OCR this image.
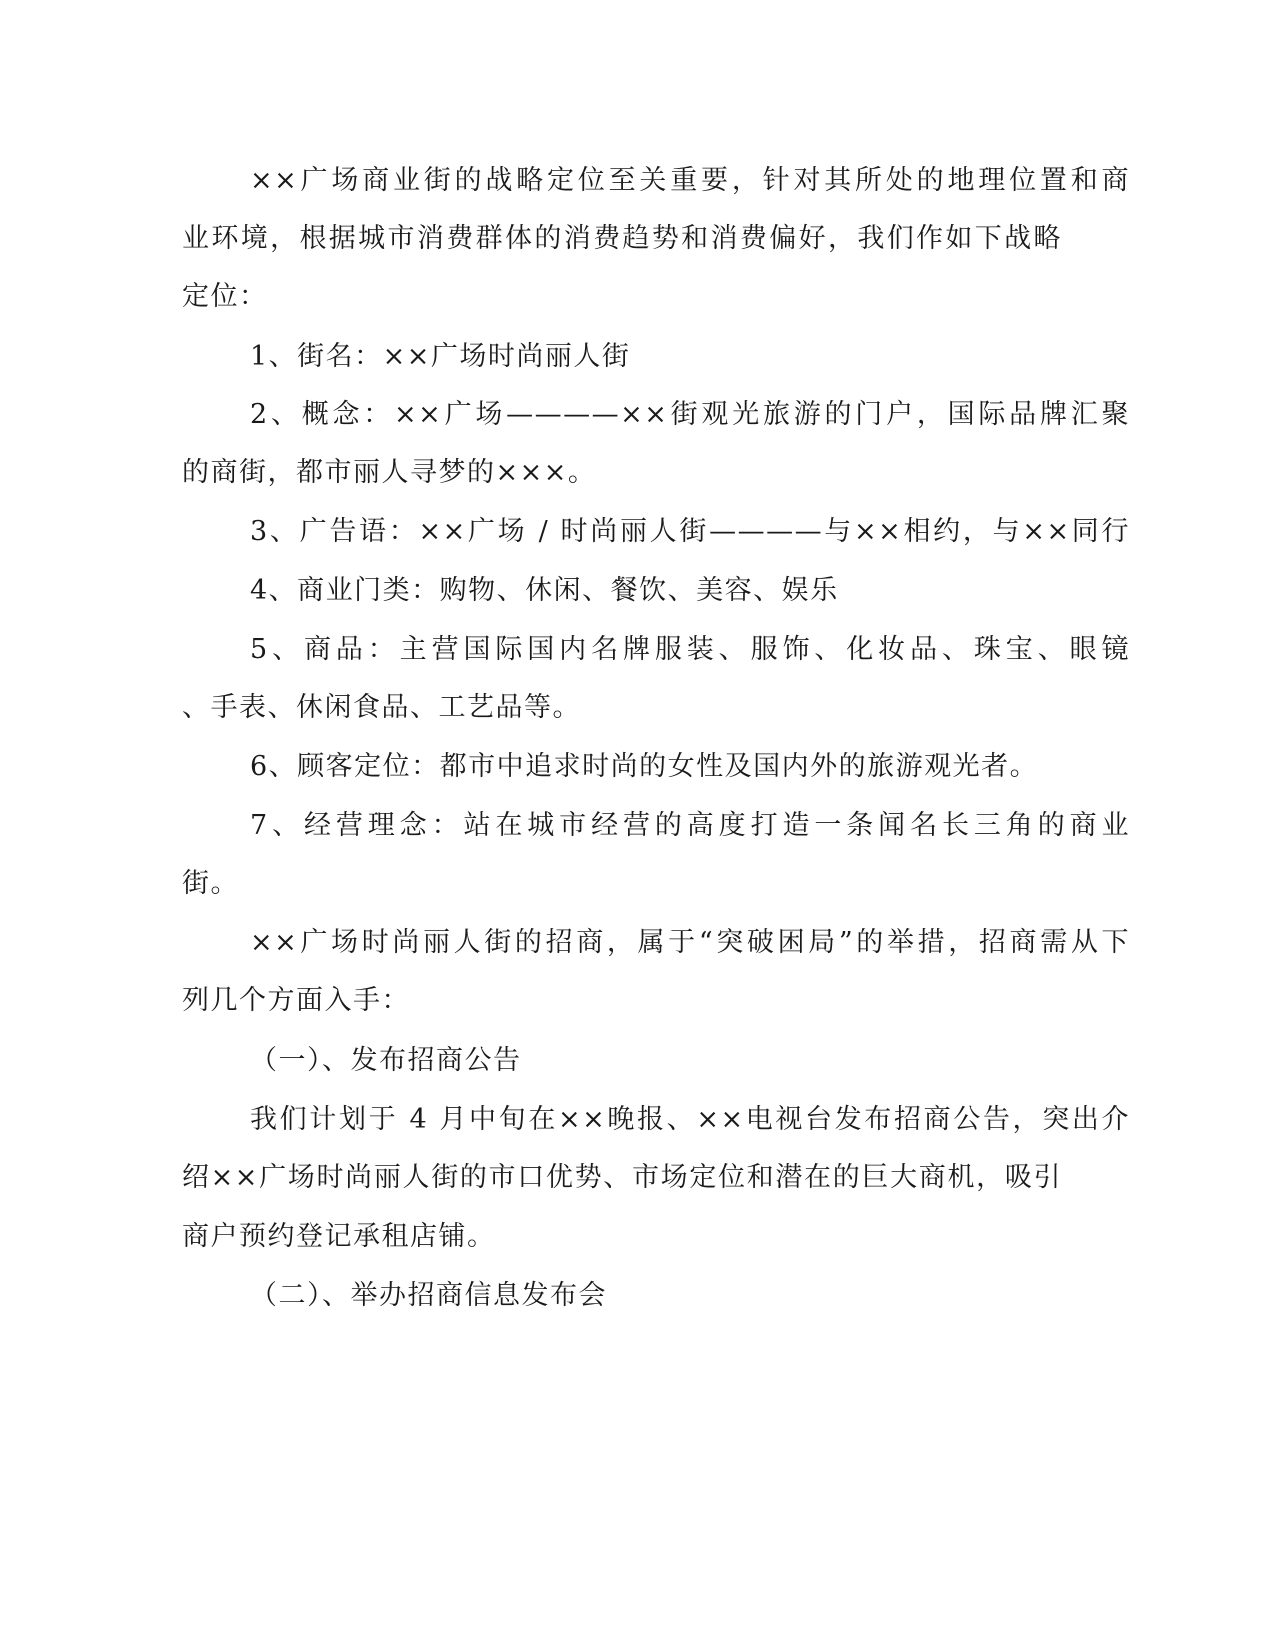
××广场商业街的战略定位至关重要，针对其所处的地理位置和商

业环境，根据城市消费群体的消费趋势和消费偏好，我们作如下战略

定位：

1、街名：××广场时尚丽人街

2、概念：××广场————××街观光旅游的门户，国际品牌汇聚

的商街，都市丽人寻梦的×××。

3、广告语：××广场 / 时尚丽人街————与××相约，与××同行

4、商业门类：购物、休闲、餐饮、美容、娱乐

5、商品：主营国际国内名牌服装、服饰、化妆品、珠宝、眼镜

、手表、休闲食品、工艺品等。

6、顾客定位：都市中追求时尚的女性及国内外的旅游观光者。

7、经营理念：站在城市经营的高度打造一条闻名长三角的商业

街。

××广场时尚丽人街的招商，属于“突破困局”的举措，招商需从下

列几个方面入手：

（一）、发布招商公告

我们计划于 4 月中旬在××晚报、××电视台发布招商公告，突出介

绍××广场时尚丽人街的市口优势、市场定位和潜在的巨大商机，吸引

商户预约登记承租店铺。

（二）、举办招商信息发布会
